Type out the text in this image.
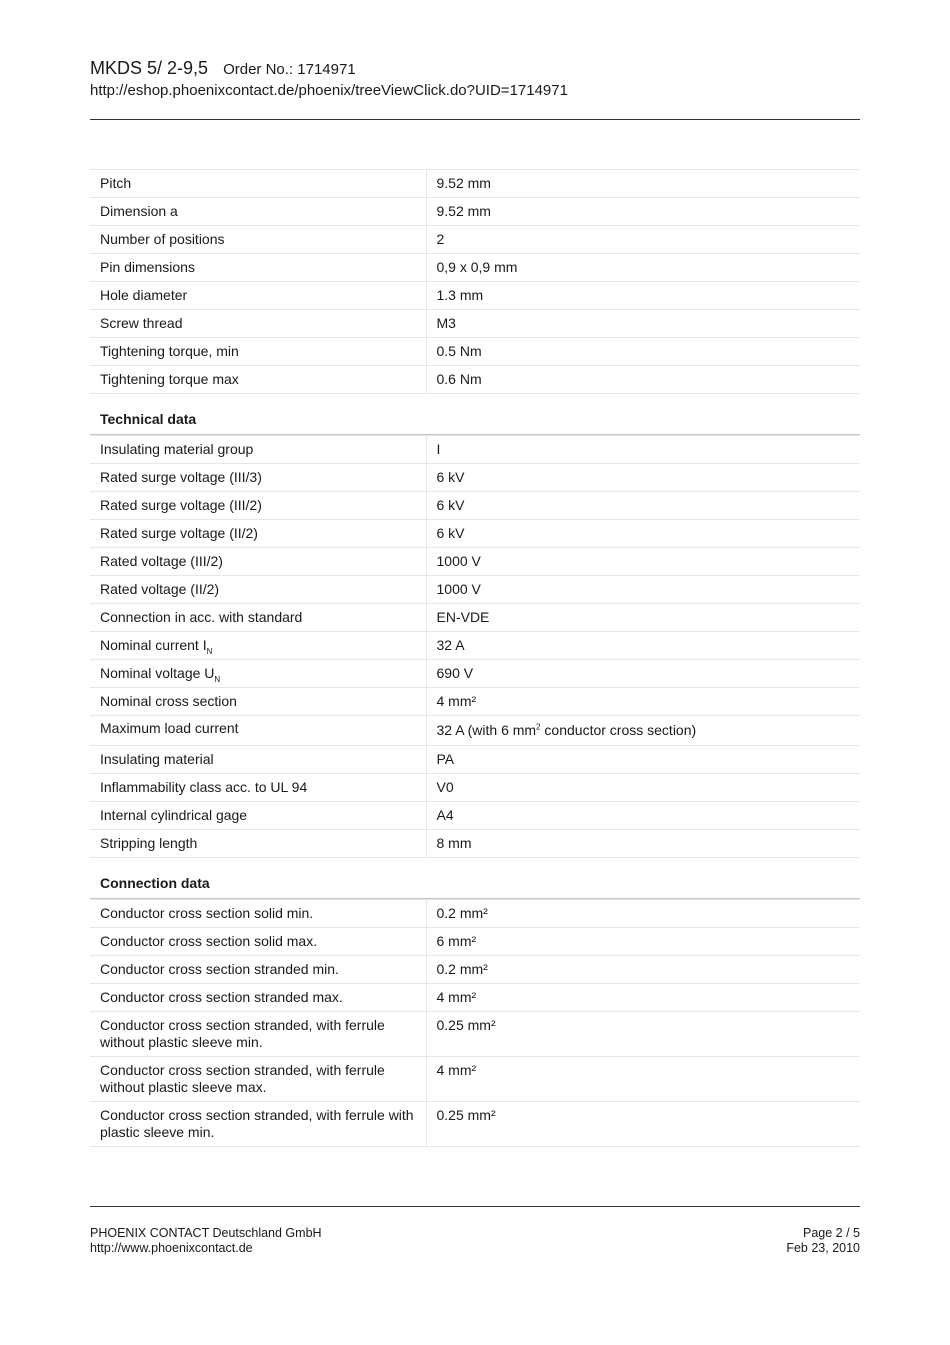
MKDS 5/ 2-9,5 Order No.: 1714971
http://eshop.phoenixcontact.de/phoenix/treeViewClick.do?UID=1714971
Pitch	9.52 mm
Dimension a	9.52 mm
Number of positions	2
Pin dimensions	0,9 x 0,9 mm
Hole diameter	1.3 mm
Screw thread	M3
Tightening torque, min	0.5 Nm
Tightening torque max	0.6 Nm
Technical data
Insulating material group	I
Rated surge voltage (III/3)	6 kV
Rated surge voltage (III/2)	6 kV
Rated surge voltage (II/2)	6 kV
Rated voltage (III/2)	1000 V
Rated voltage (II/2)	1000 V
Connection in acc. with standard	EN-VDE
Nominal current $I_N$	32 A
Nominal voltage $U_N$	690 V
Nominal cross section	4 mm²
Maximum load current	32 A (with 6 $mm^2$ conductor cross section)
Insulating material	PA
Inflammability class acc. to UL 94	V0
Internal cylindrical gage	A4
Stripping length	8 mm
Connection data
Conductor cross section solid min.	0.2 mm²
Conductor cross section solid max.	6 mm²
Conductor cross section stranded min.	0.2 mm²
Conductor cross section stranded max.	4 mm²
Conductor cross section stranded, with ferrule without plastic sleeve min.	0.25 mm²
Conductor cross section stranded, with ferrule without plastic sleeve max.	4 mm²
Conductor cross section stranded, with ferrule with plastic sleeve min.	0.25 mm²
PHOENIX CONTACT Deutschland GmbH
http://www.phoenixcontact.de
Page 2 / 5
Feb 23, 2010
